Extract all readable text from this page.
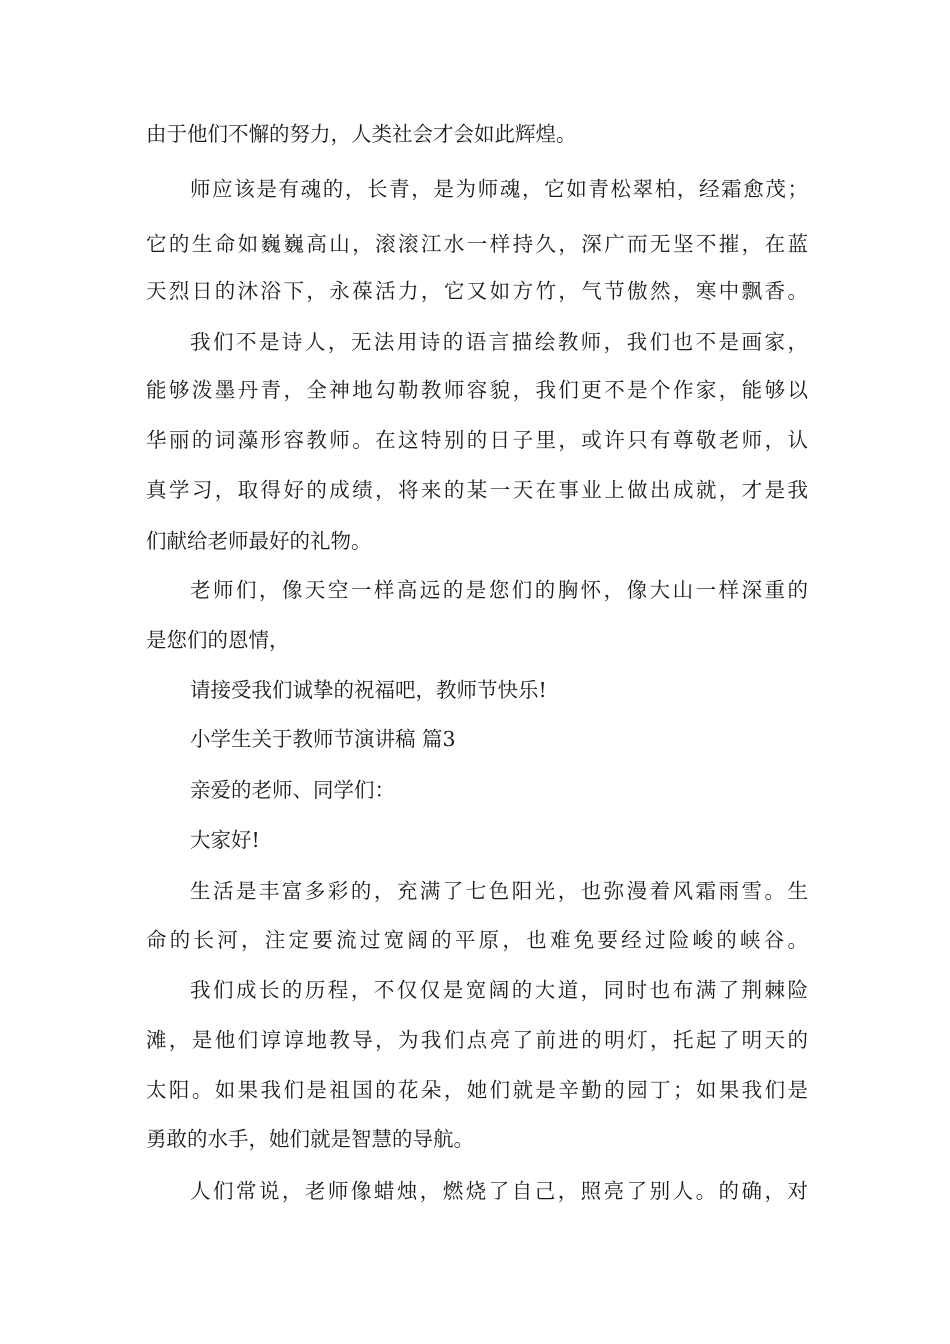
由于他们不懈的努力，人类社会才会如此辉煌。

师应该是有魂的，长青，是为师魂，它如青松翠柏，经霜愈茂；

它的生命如巍巍高山，滚滚江水一样持久，深广而无坚不摧，在蓝

天烈日的沐浴下，永葆活力，它又如方竹，气节傲然，寒中飘香。

我们不是诗人，无法用诗的语言描绘教师，我们也不是画家，

能够泼墨丹青，全神地勾勒教师容貌，我们更不是个作家，能够以

华丽的词藻形容教师。在这特别的日子里，或许只有尊敬老师，认

真学习，取得好的成绩，将来的某一天在事业上做出成就，才是我

们献给老师最好的礼物。

老师们，像天空一样高远的是您们的胸怀，像大山一样深重的

是您们的恩情，

请接受我们诚挚的祝福吧，教师节快乐!

小学生关于教师节演讲稿 篇3

亲爱的老师、同学们：

大家好!

生活是丰富多彩的，充满了七色阳光，也弥漫着风霜雨雪。生

命的长河，注定要流过宽阔的平原，也难免要经过险峻的峡谷。

我们成长的历程，不仅仅是宽阔的大道，同时也布满了荆棘险

滩，是他们谆谆地教导，为我们点亮了前进的明灯，托起了明天的

太阳。如果我们是祖国的花朵，她们就是辛勤的园丁；如果我们是

勇敢的水手，她们就是智慧的导航。

人们常说，老师像蜡烛，燃烧了自己，照亮了别人。的确，对
